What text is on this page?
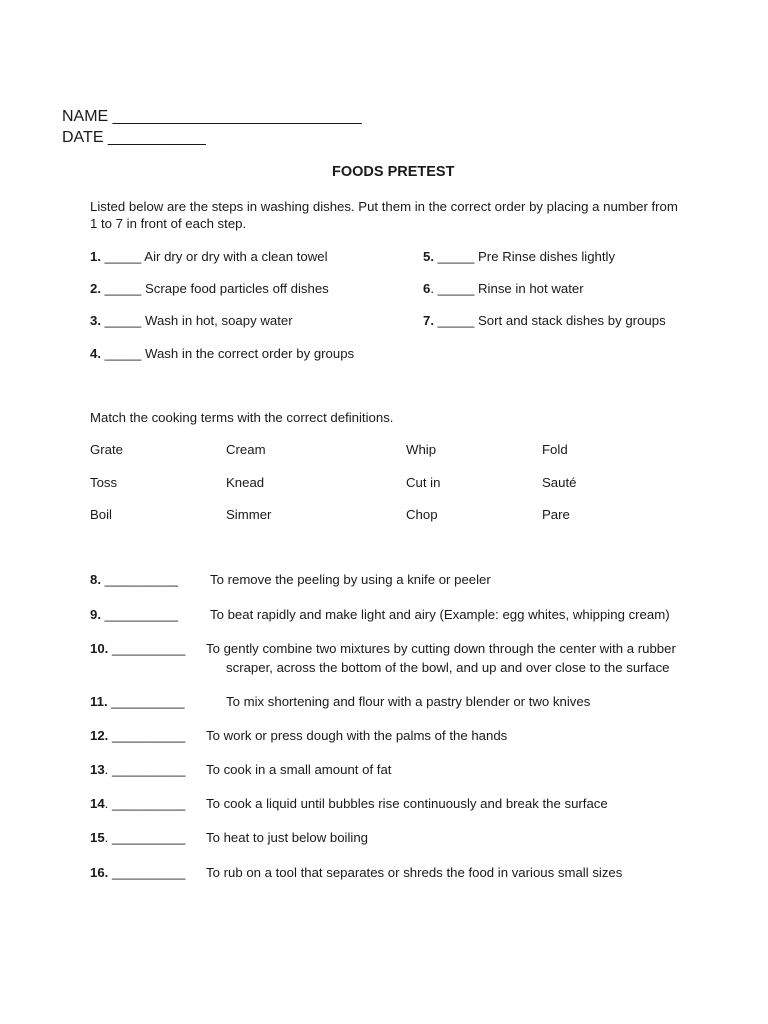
NAME ____________________________
DATE ___________
FOODS PRETEST
Listed below are the steps in washing dishes. Put them in the correct order by placing a number from
1 to 7 in front of each step.
1. _____ Air dry or dry with a clean towel
2. _____ Scrape food particles off dishes
3. _____ Wash in hot, soapy water
4. _____ Wash in the correct order by groups
5. _____ Pre Rinse dishes lightly
6. _____ Rinse in hot water
7. _____ Sort and stack dishes by groups
Match the cooking terms with the correct definitions.
Grate	Cream	Whip	Fold
Toss	Knead	Cut in	Sauté
Boil	Simmer	Chop	Pare
8. __________ To remove the peeling by using a knife or peeler
9. __________ To beat rapidly and make light and airy (Example: egg whites, whipping cream)
10. __________ To gently combine two mixtures by cutting down through the center with a rubber
scraper, across the bottom of the bowl, and up and over close to the surface
11. __________	To mix shortening and flour with a pastry blender or two knives
12. __________ To work or press dough with the palms of the hands
13. __________ To cook in a small amount of fat
14. __________ To cook a liquid until bubbles rise continuously and break the surface
15. __________ To heat to just below boiling
16. __________ To rub on a tool that separates or shreds the food in various small sizes
